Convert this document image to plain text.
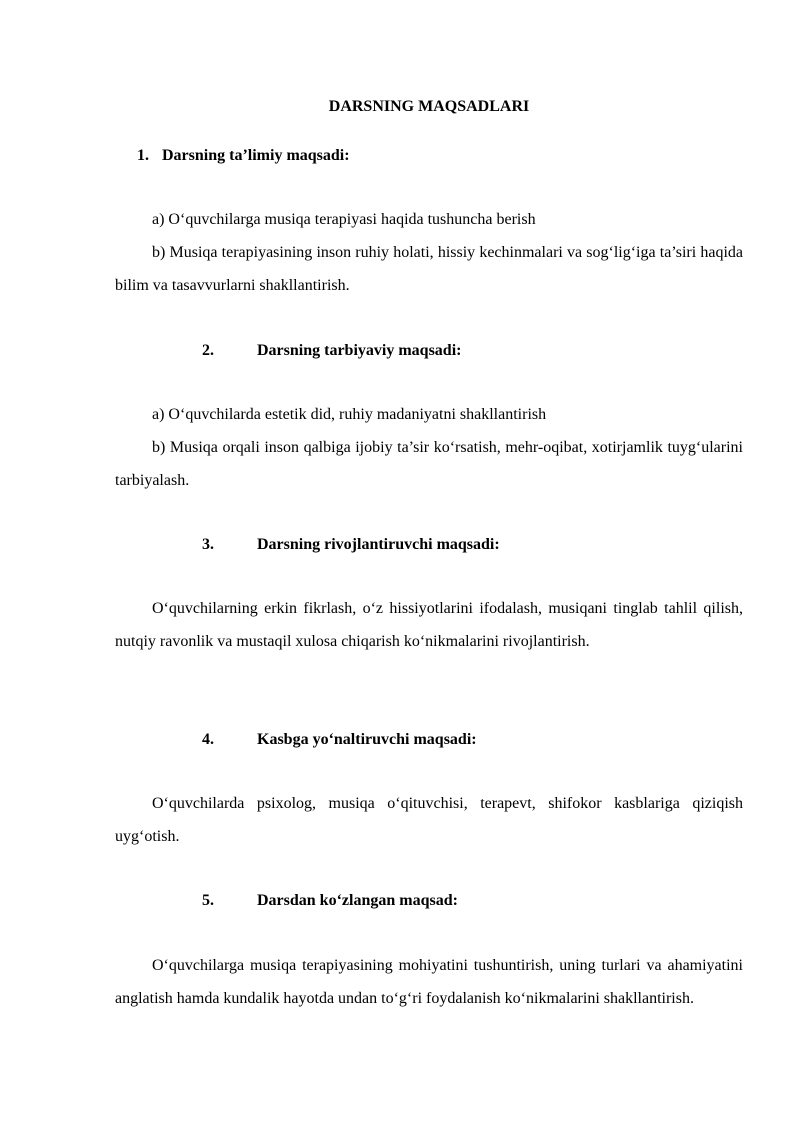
DARSNING MAQSADLARI

1. Darsning ta’limiy maqsadi:

a) O‘quvchilarga musiqa terapiyasi haqida tushuncha berish

b) Musiqa terapiyasining inson ruhiy holati, hissiy kechinmalari va sog‘lig‘iga ta’siri haqida bilim va tasavvurlarni shakllantirish.

2.	Darsning tarbiyaviy maqsadi:

a) O‘quvchilarda estetik did, ruhiy madaniyatni shakllantirish

b) Musiqa orqali inson qalbiga ijobiy ta’sir ko‘rsatish, mehr-oqibat, xotirjamlik tuyg‘ularini tarbiyalash.

3.	Darsning rivojlantiruvchi maqsadi:

O‘quvchilarning erkin fikrlash, o‘z hissiyotlarini ifodalash, musiqani tinglab tahlil qilish, nutqiy ravonlik va mustaqil xulosa chiqarish ko‘nikmalarini rivojlantirish.

4.	Kasbga yo‘naltiruvchi maqsadi:

O‘quvchilarda psixolog, musiqa o‘qituvchisi, terapevt, shifokor kasblariga qiziqish uyg‘otish.

5.	Darsdan ko‘zlangan maqsad:

O‘quvchilarga musiqa terapiyasining mohiyatini tushuntirish, uning turlari va ahamiyatini anglatish hamda kundalik hayotda undan to‘g‘ri foydalanish ko‘nikmalarini shakllantirish.
